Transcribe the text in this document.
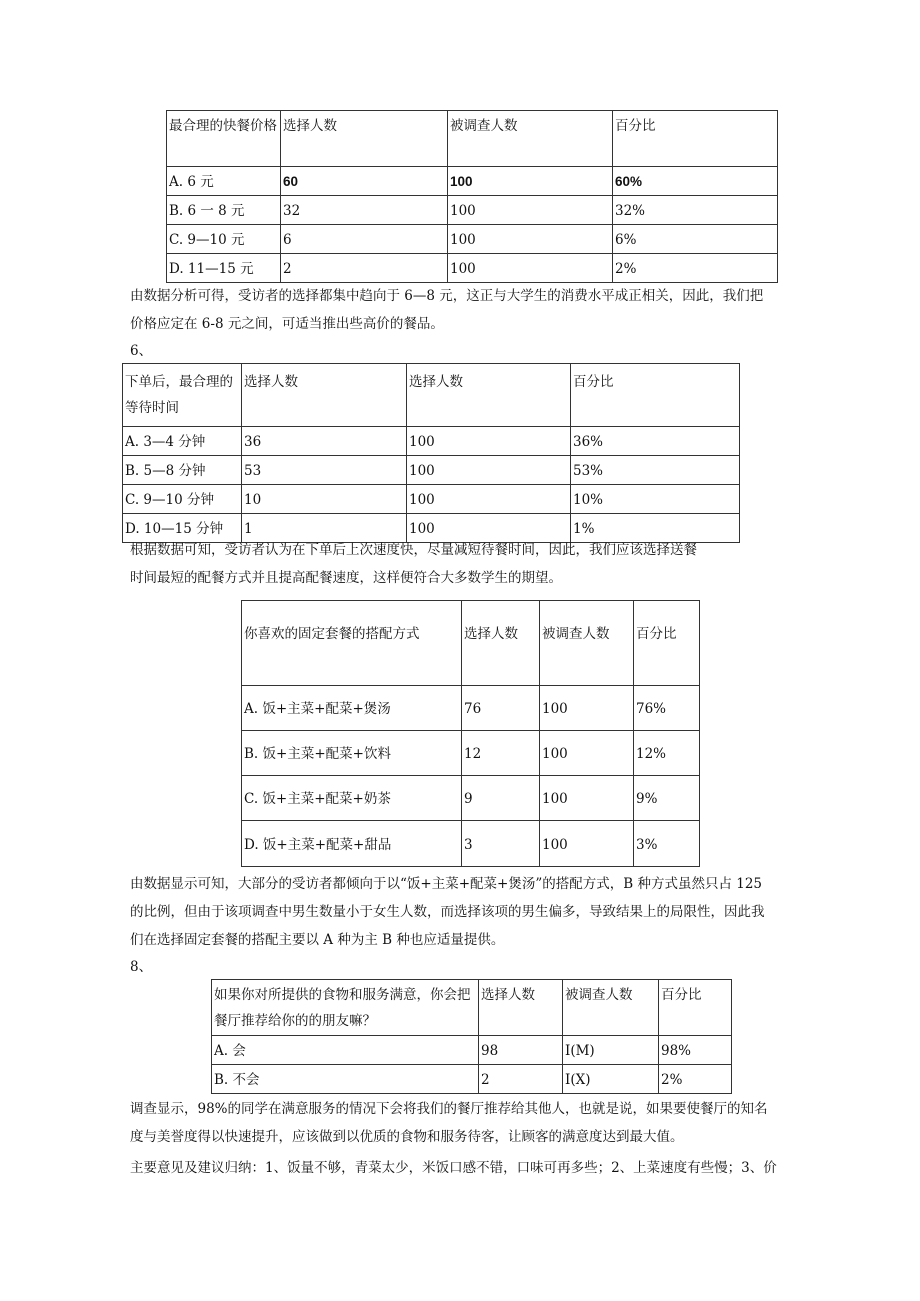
最合理的快餐价格	选择人数	被调查人数	百分比
A. 6 元	60	100	60%
B. 6 一 8 元	32	100	32%
C. 9—10 元	6	100	6%
D. 11—15 元	2	100	2%
由数据分析可得，受访者的选择都集中趋向于 6—8 元，这正与大学生的消费水平成正相关，因此，我们把
价格应定在 6-8 元之间，可适当推出些高价的餐品。
6、
下单后，最合理的等待时间	选择人数	选择人数	百分比
A. 3—4 分钟	36	100	36%
B. 5—8 分钟	53	100	53%
C. 9—10 分钟	10	100	10%
D. 10—15 分钟	1	100	1%
根据数据可知，受访者认为在下单后上次速度快，尽量减短待餐时间，因此，我们应该选择送餐
时间最短的配餐方式并且提高配餐速度，这样便符合大多数学生的期望。
你喜欢的固定套餐的搭配方式	选择人数	被调查人数	百分比
A. 饭+主菜+配菜+煲汤	76	100	76%
B. 饭+主菜+配菜+饮料	12	100	12%
C. 饭+主菜+配菜+奶茶	9	100	9%
D. 饭+主菜+配菜+甜品	3	100	3%
由数据显示可知，大部分的受访者都倾向于以“饭+主菜+配菜+煲汤”的搭配方式，B 种方式虽然只占 125
的比例，但由于该项调查中男生数量小于女生人数，而选择该项的男生偏多，导致结果上的局限性，因此我
们在选择固定套餐的搭配主要以 A 种为主 B 种也应适量提供。
8、
如果你对所提供的食物和服务满意，你会把餐厅推荐给你的的朋友嘛？	选择人数	被调查人数	百分比
A. 会	98	I(M)	98%
B. 不会	2	I(X)	2%
调查显示，98%的同学在满意服务的情况下会将我们的餐厅推荐给其他人，也就是说，如果要使餐厅的知名
度与美誉度得以快速提升，应该做到以优质的食物和服务待客，让顾客的满意度达到最大值。
主要意见及建议归纳：1、饭量不够，青菜太少，米饭口感不错，口味可再多些；2、上菜速度有些慢；3、价
